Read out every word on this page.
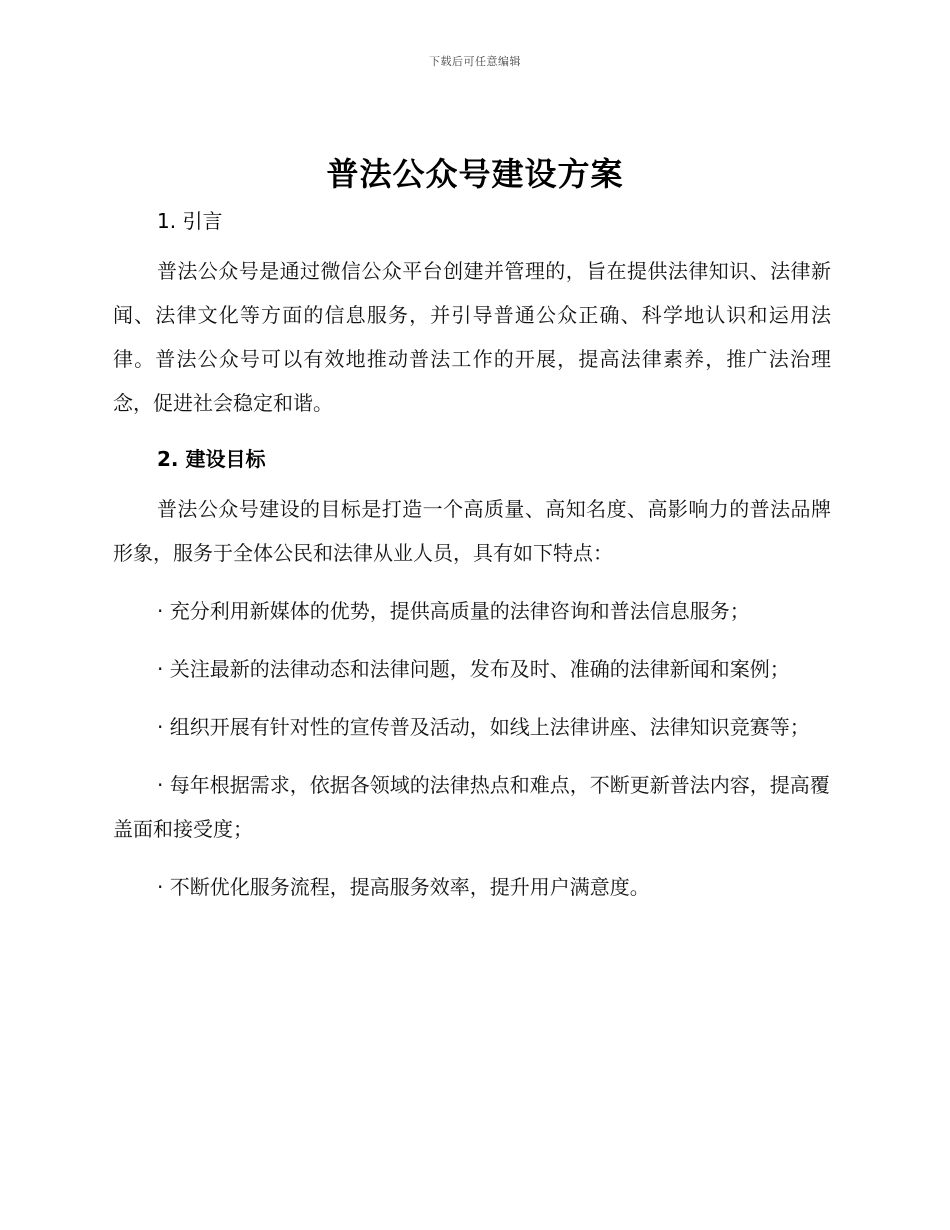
下载后可任意编辑
普法公众号建设方案
1. 引言

普法公众号是通过微信公众平台创建并管理的，旨在提供法律知识、法律新闻、法律文化等方面的信息服务，并引导普通公众正确、科学地认识和运用法律。普法公众号可以有效地推动普法工作的开展，提高法律素养，推广法治理念，促进社会稳定和谐。

2. 建设目标

普法公众号建设的目标是打造一个高质量、高知名度、高影响力的普法品牌形象，服务于全体公民和法律从业人员，具有如下特点：

· 充分利用新媒体的优势，提供高质量的法律咨询和普法信息服务；

· 关注最新的法律动态和法律问题，发布及时、准确的法律新闻和案例；

· 组织开展有针对性的宣传普及活动，如线上法律讲座、法律知识竞赛等；

· 每年根据需求，依据各领域的法律热点和难点，不断更新普法内容，提高覆盖面和接受度；

· 不断优化服务流程，提高服务效率，提升用户满意度。
